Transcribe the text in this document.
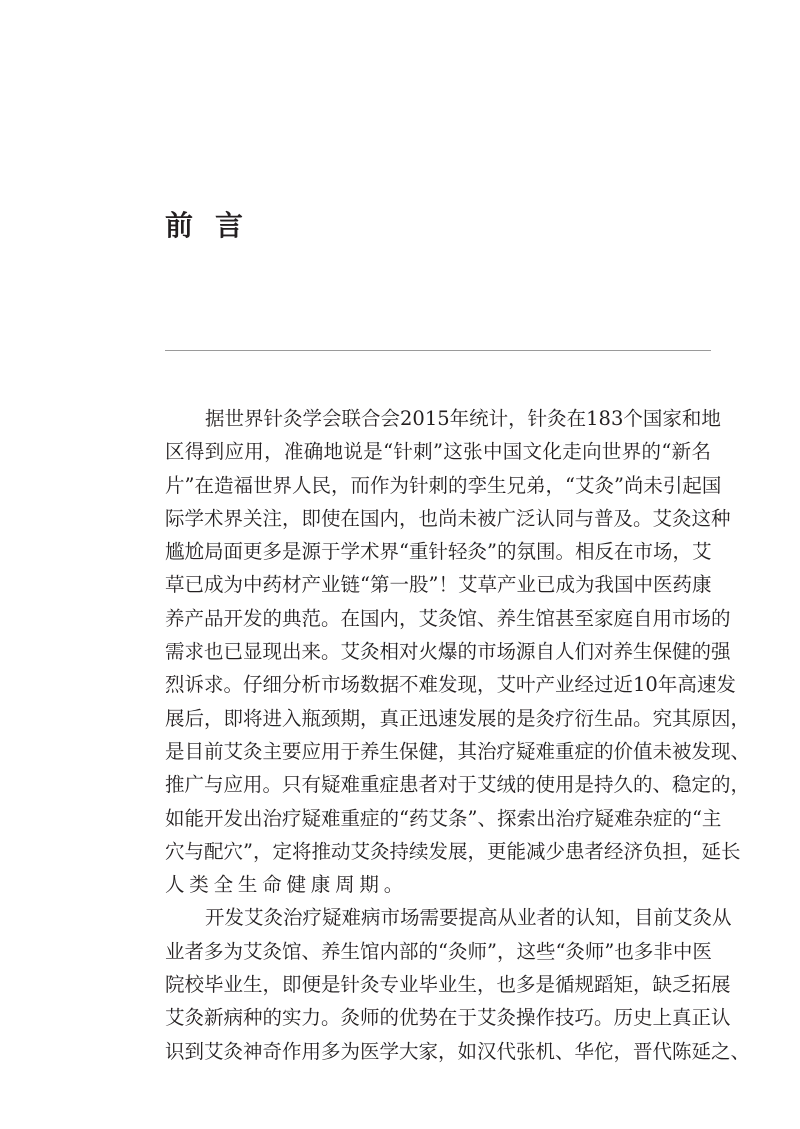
前言
据世界针灸学会联合会2015年统计，针灸在183个国家和地
区得到应用，准确地说是“针刺”这张中国文化走向世界的“新名
片”在造福世界人民，而作为针刺的孪生兄弟，“艾灸”尚未引起国
际学术界关注，即使在国内，也尚未被广泛认同与普及。艾灸这种
尴尬局面更多是源于学术界“重针轻灸”的氛围。相反在市场，艾
草已成为中药材产业链“第一股”！艾草产业已成为我国中医药康
养产品开发的典范。在国内，艾灸馆、养生馆甚至家庭自用市场的
需求也已显现出来。艾灸相对火爆的市场源自人们对养生保健的强
烈诉求。仔细分析市场数据不难发现，艾叶产业经过近10年高速发
展后，即将进入瓶颈期，真正迅速发展的是灸疗衍生品。究其原因，
是目前艾灸主要应用于养生保健，其治疗疑难重症的价值未被发现、
推广与应用。只有疑难重症患者对于艾绒的使用是持久的、稳定的，
如能开发出治疗疑难重症的“药艾条”、探索出治疗疑难杂症的“主
穴与配穴”，定将推动艾灸持续发展，更能减少患者经济负担，延长
人类全生命健康周期。
开发艾灸治疗疑难病市场需要提高从业者的认知，目前艾灸从
业者多为艾灸馆、养生馆内部的“灸师”，这些“灸师”也多非中医
院校毕业生，即便是针灸专业毕业生，也多是循规蹈矩，缺乏拓展
艾灸新病种的实力。灸师的优势在于艾灸操作技巧。历史上真正认
识到艾灸神奇作用多为医学大家，如汉代张机、华佗，晋代陈延之、
